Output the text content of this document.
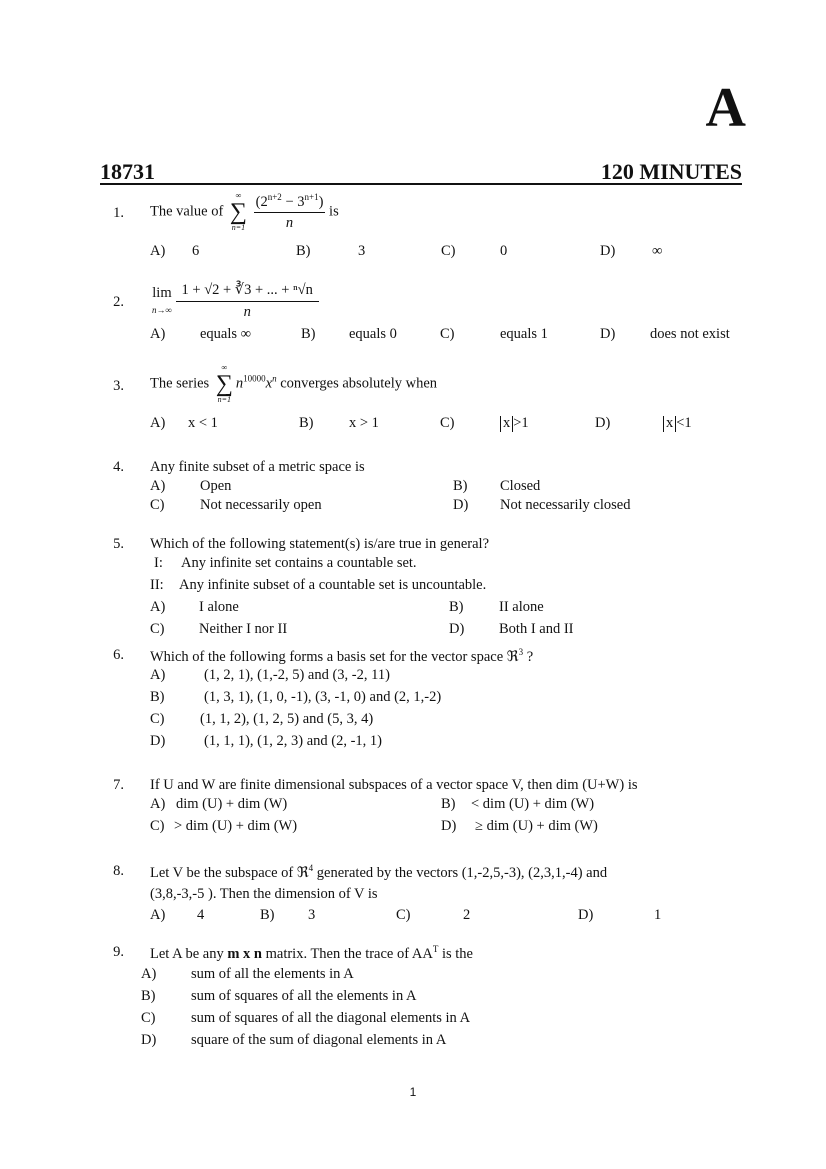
A
18731	120 MINUTES
1. The value of
∞
∑
n=1
$\frac{(2^{n+2} - 3^{n+1})}{n}$ is
A) 6	B)	3	C)	0	D)	∞
2.
lim
$n\to\infty \frac{\text{1 + √2 + ∛3 + ... + ⁿ√n}}{n}$
A) equals ∞	B) equals 0	C)	equals 1	D) does not exist
3. The series
∞
∑
n=1
$n^{10000}x^n$ converges absolutely when
A) x < 1	B) x > 1	C)	x >1	D)	x <1
4. Any finite subset of a metric space is
A) Open	B) Closed
C) Not necessarily open	D) Not necessarily closed
5. Which of the following statement(s) is/are true in general?
I: Any infinite set contains a countable set.
II: Any infinite subset of a countable set is uncountable.
A) I alone	B) II alone
C) Neither I nor II	D) Both I and II
6. Which of the following forms a basis set for the vector space ℜ$^3$ ?
A)	(1, 2, 1), (1,-2, 5) and (3, -2, 11)
B)	(1, 3, 1), (1, 0, -1), (3, -1, 0) and (2, 1,-2)
C) (1, 1, 2), (1, 2, 5) and (5, 3, 4)
D)	(1, 1, 1), (1, 2, 3) and (2, -1, 1)
7. If U and W are finite dimensional subspaces of a vector space V, then dim (U+W) is
A) dim (U) + dim (W)	B) < dim (U) + dim (W)
C) > dim (U) + dim (W)	D) ≥ dim (U) + dim (W)
8. Let V be the subspace of ℜ$^4$ generated by the vectors (1,-2,5,-3), (2,3,1,-4) and
(3,8,-3,-5 ). Then the dimension of V is
A) 4	B) 3	C)	2	D)	1
9. Let A be any m x n matrix. Then the trace of $AA^T$ is the
A) sum of all the elements in A
B) sum of squares of all the elements in A
C) sum of squares of all the diagonal elements in A
D) square of the sum of diagonal elements in A
1
